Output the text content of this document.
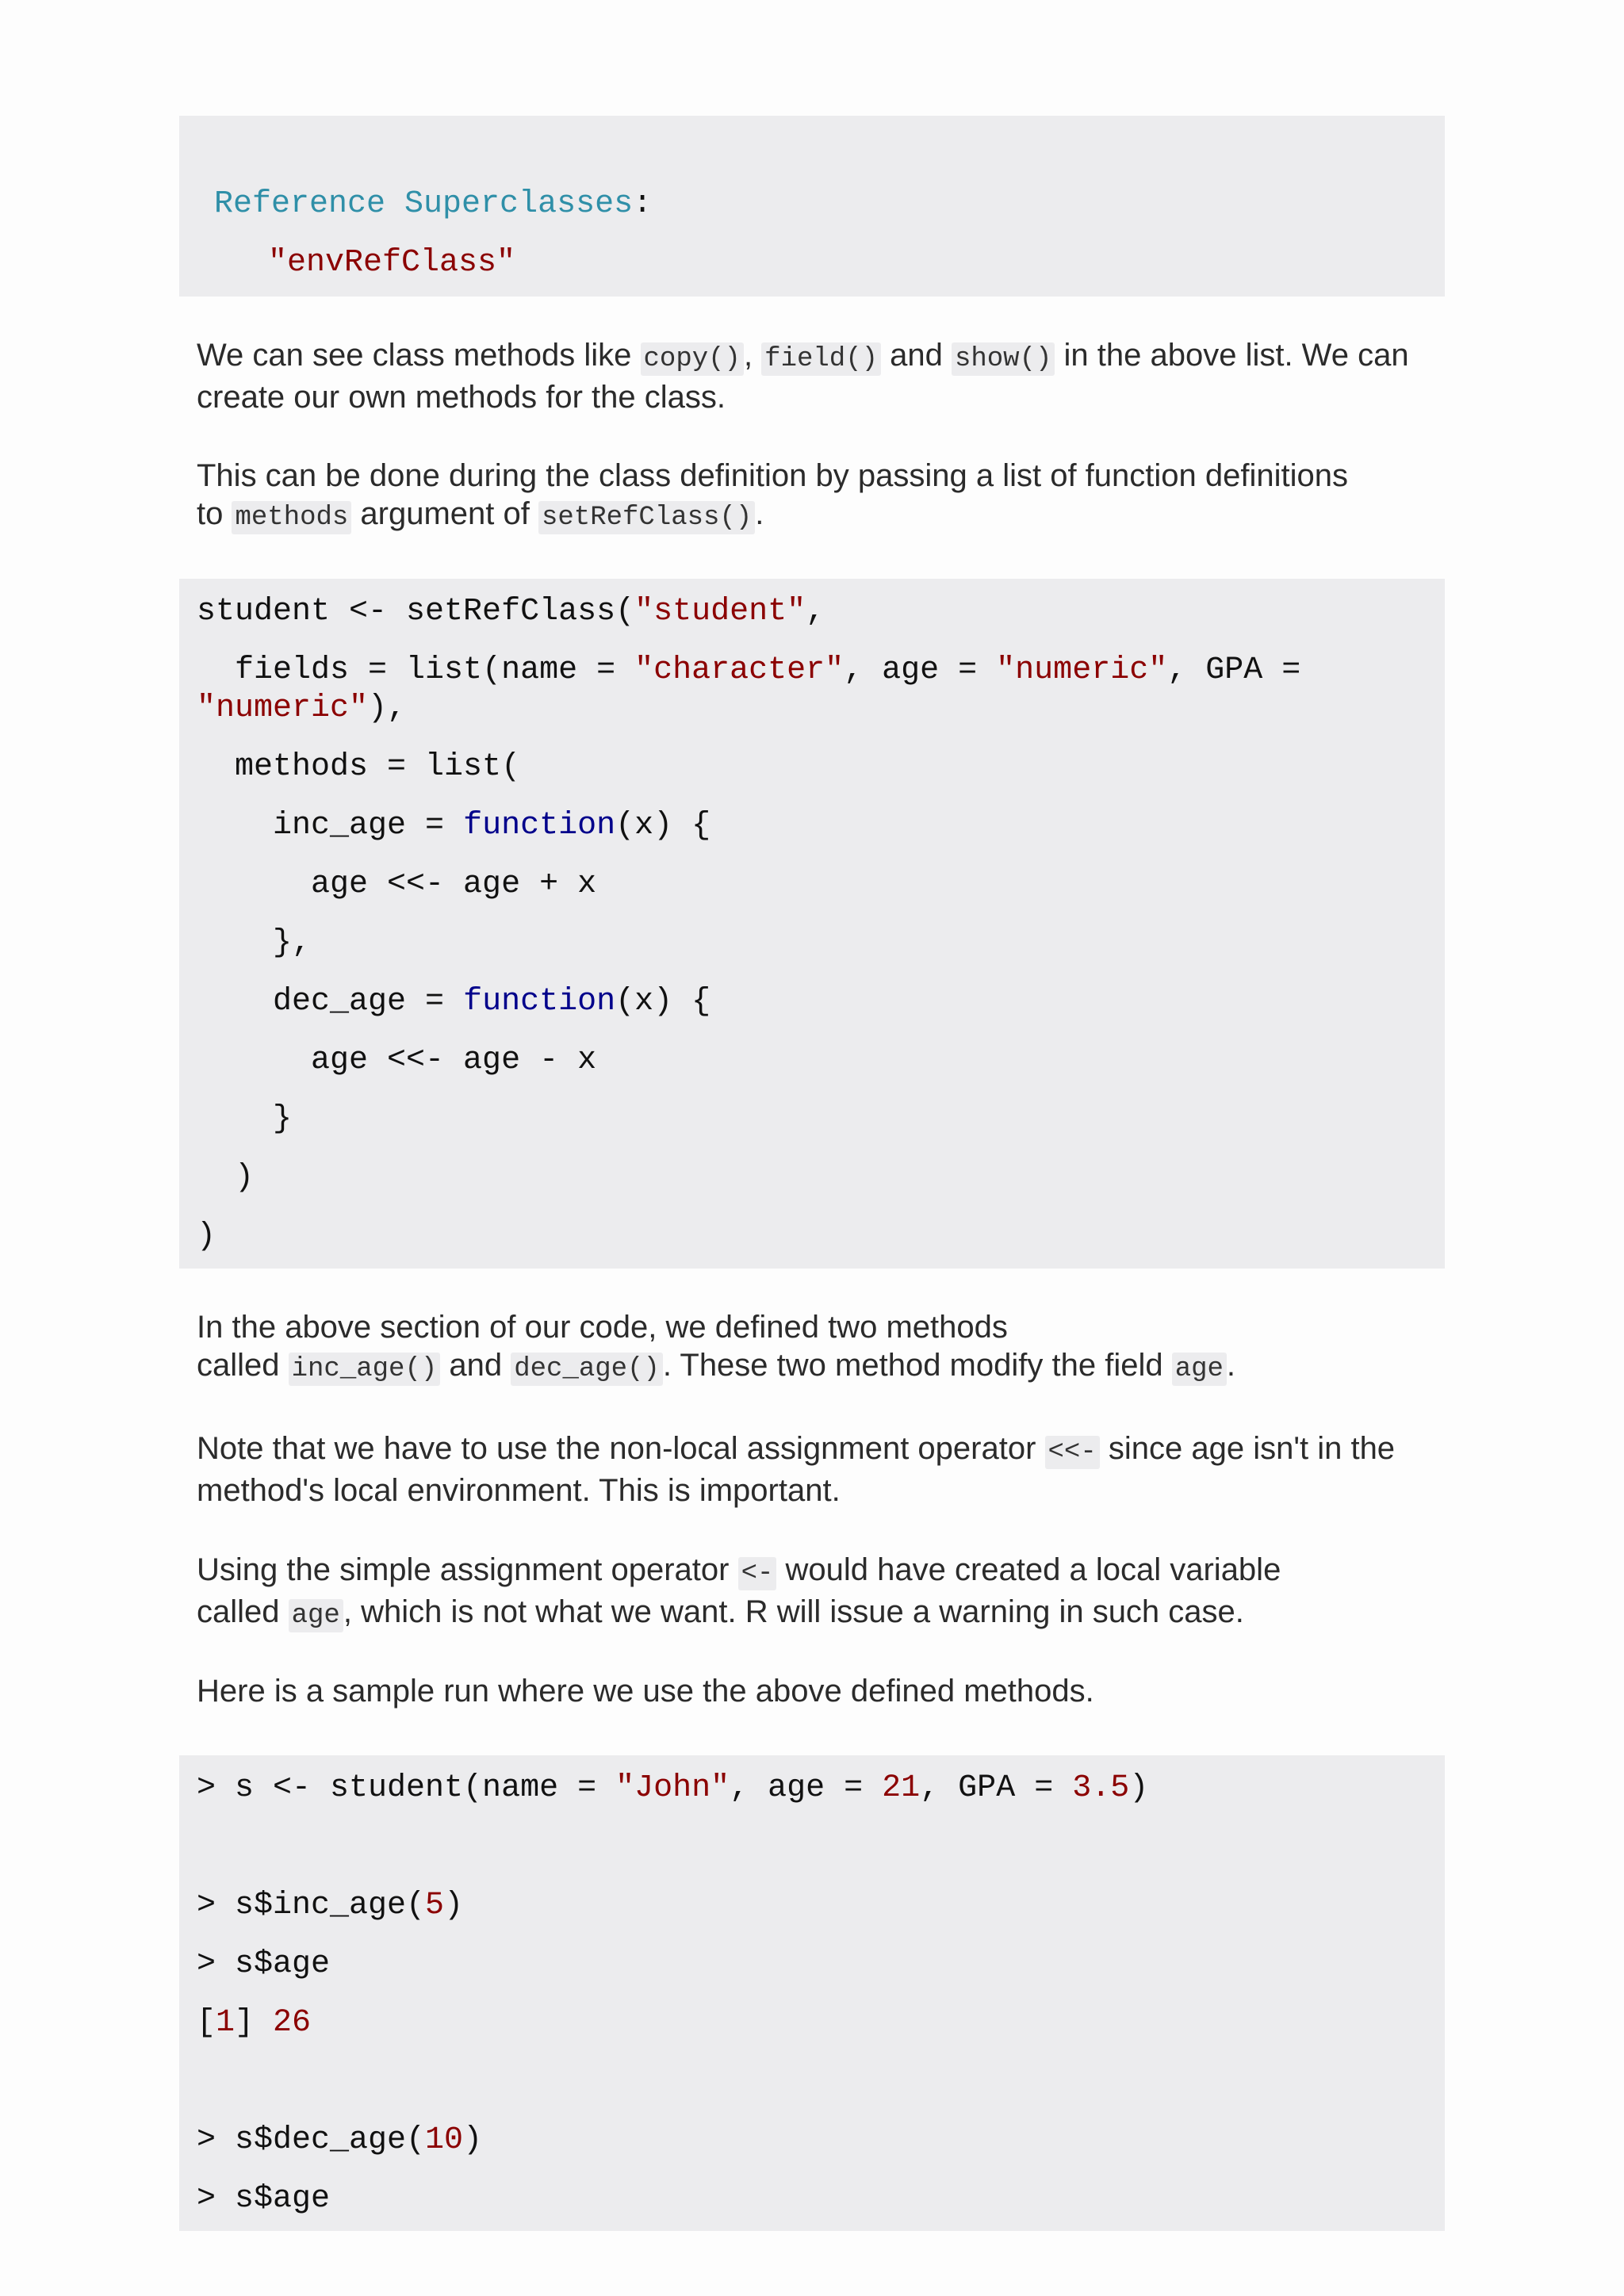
Reference Superclasses:
"envRefClass"
We can see class methods like copy() , field() and show() in the above list. We can
create our own methods for the class.
This can be done during the class definition by passing a list of function definitions
to methods argument of setRefClass() .
student <- setRefClass("student",
fields = list(name = "character", age = "numeric", GPA =
"numeric"),
methods = list(
inc_age = function(x) {
age <<- age + x
},
dec_age = function(x) {
age <<- age - x
}
)
)
In the above section of our code, we defined two methods
called inc_age() and dec_age() . These two method modify the field age .
Note that we have to use the non-local assignment operator <<- since age isn't in the
method's local environment. This is important.
Using the simple assignment operator <- would have created a local variable
called age , which is not what we want. R will issue a warning in such case.
Here is a sample run where we use the above defined methods.
> s <- student(name = "John", age = 21, GPA = 3.5)
> s$inc_age(5)
> s$age
[1] 26
> s$dec_age(10)
> s$age
